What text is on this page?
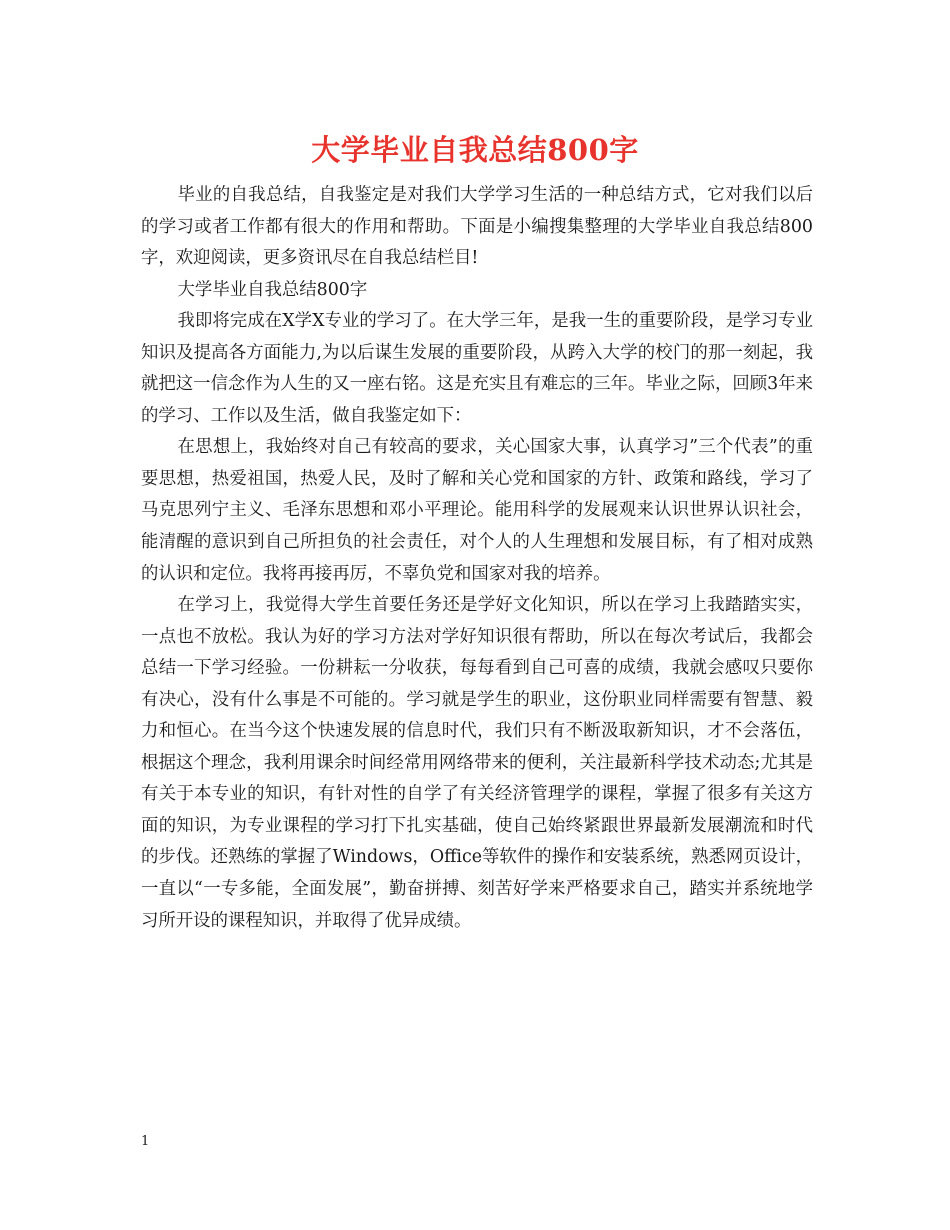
大学毕业自我总结800字

毕业的自我总结，自我鉴定是对我们大学学习生活的一种总结方式，它对我们以后的学习或者工作都有很大的作用和帮助。下面是小编搜集整理的大学毕业自我总结800字，欢迎阅读，更多资讯尽在自我总结栏目!

大学毕业自我总结800字

我即将完成在X学X专业的学习了。在大学三年，是我一生的重要阶段，是学习专业知识及提高各方面能力,为以后谋生发展的重要阶段，从跨入大学的校门的那一刻起，我就把这一信念作为人生的又一座右铭。这是充实且有难忘的三年。毕业之际，回顾3年来的学习、工作以及生活，做自我鉴定如下：

在思想上，我始终对自己有较高的要求，关心国家大事，认真学习”三个代表”的重要思想，热爱祖国，热爱人民，及时了解和关心党和国家的方针、政策和路线，学习了马克思列宁主义、毛泽东思想和邓小平理论。能用科学的发展观来认识世界认识社会，能清醒的意识到自己所担负的社会责任，对个人的人生理想和发展目标，有了相对成熟的认识和定位。我将再接再厉，不辜负党和国家对我的培养。

在学习上，我觉得大学生首要任务还是学好文化知识，所以在学习上我踏踏实实，一点也不放松。我认为好的学习方法对学好知识很有帮助，所以在每次考试后，我都会总结一下学习经验。一份耕耘一分收获，每每看到自己可喜的成绩，我就会感叹只要你有决心，没有什么事是不可能的。学习就是学生的职业，这份职业同样需要有智慧、毅力和恒心。在当今这个快速发展的信息时代，我们只有不断汲取新知识，才不会落伍，根据这个理念，我利用课余时间经常用网络带来的便利，关注最新科学技术动态;尤其是有关于本专业的知识，有针对性的自学了有关经济管理学的课程，掌握了很多有关这方面的知识，为专业课程的学习打下扎实基础，使自己始终紧跟世界最新发展潮流和时代的步伐。还熟练的掌握了Windows，Office等软件的操作和安装系统，熟悉网页设计，一直以“一专多能，全面发展”，勤奋拼搏、刻苦好学来严格要求自己，踏实并系统地学习所开设的课程知识，并取得了优异成绩。

1
